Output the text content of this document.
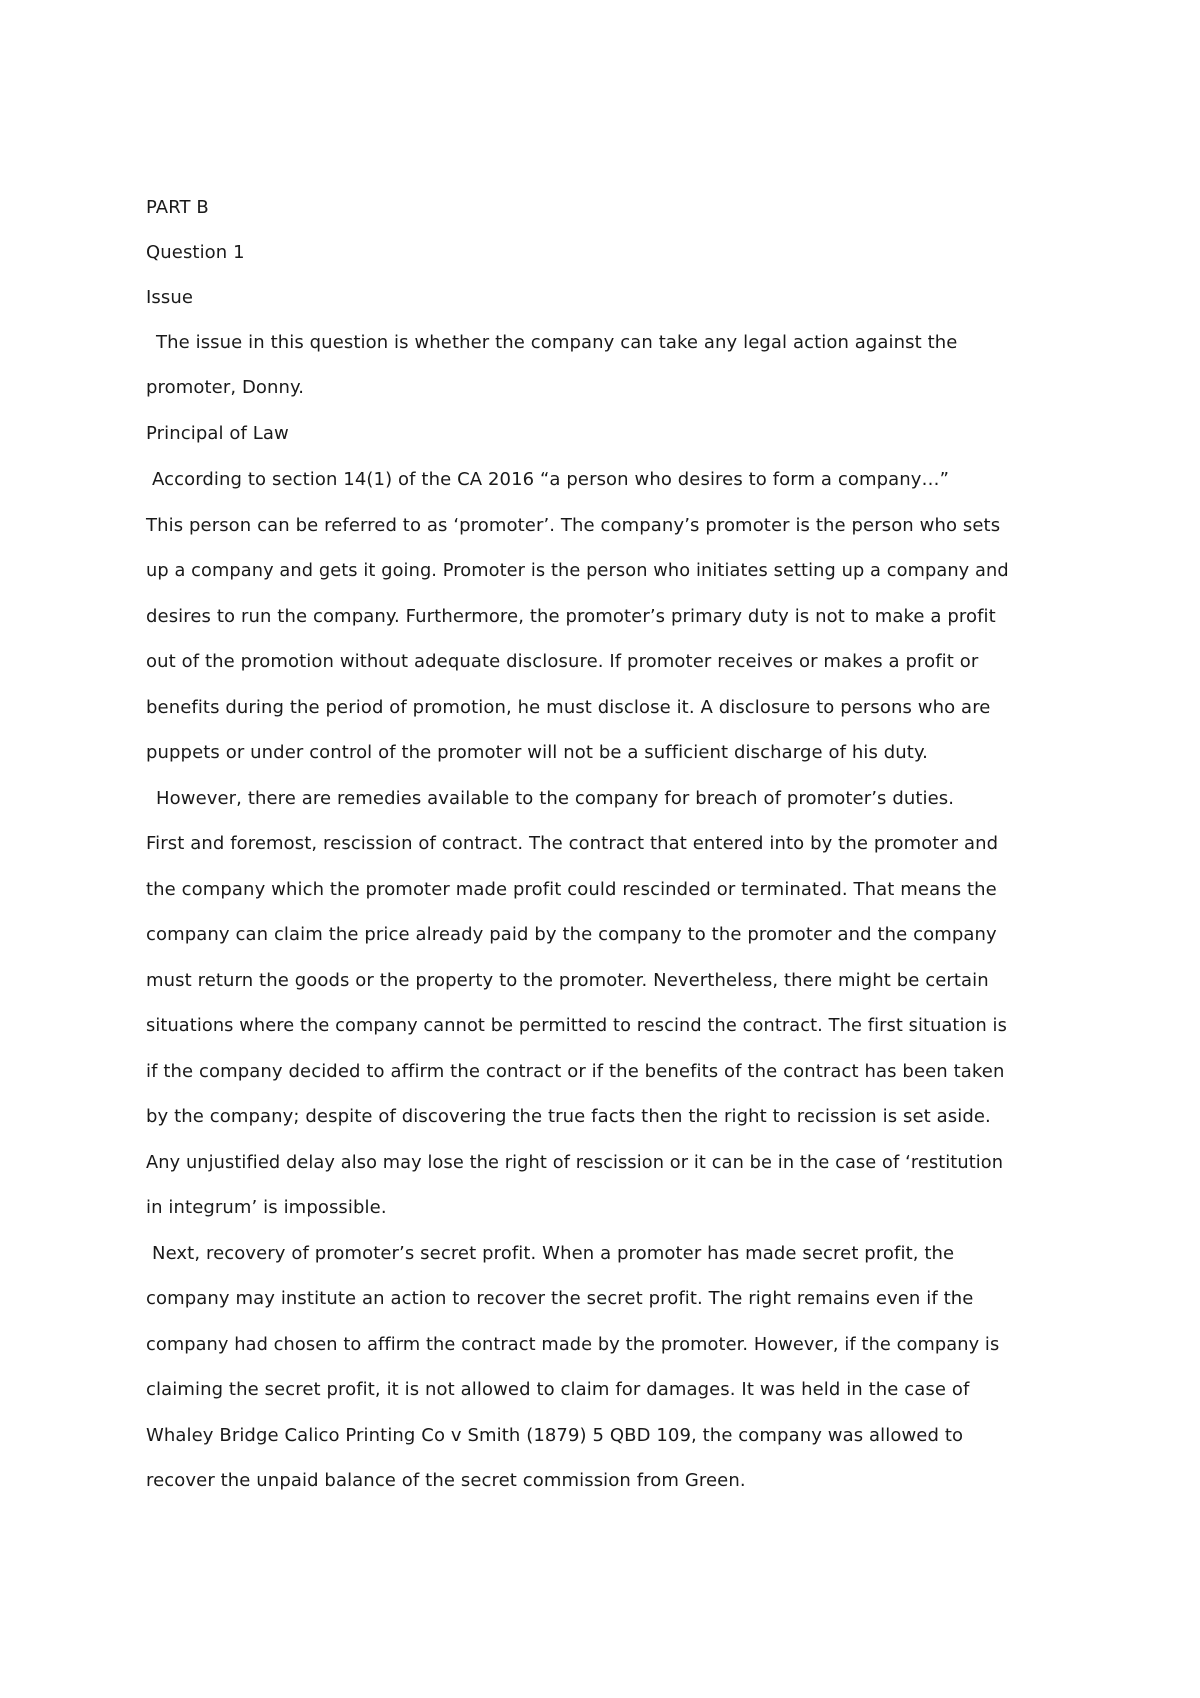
PART B
Question 1
Issue
The issue in this question is whether the company can take any legal action against the
promoter, Donny.
Principal of Law
According to section 14(1) of the CA 2016 “a person who desires to form a company…”
This person can be referred to as ‘promoter’. The company’s promoter is the person who sets
up a company and gets it going. Promoter is the person who initiates setting up a company and
desires to run the company. Furthermore, the promoter’s primary duty is not to make a profit
out of the promotion without adequate disclosure. If promoter receives or makes a profit or
benefits during the period of promotion, he must disclose it. A disclosure to persons who are
puppets or under control of the promoter will not be a sufficient discharge of his duty.
However, there are remedies available to the company for breach of promoter’s duties.
First and foremost, rescission of contract. The contract that entered into by the promoter and
the company which the promoter made profit could rescinded or terminated. That means the
company can claim the price already paid by the company to the promoter and the company
must return the goods or the property to the promoter. Nevertheless, there might be certain
situations where the company cannot be permitted to rescind the contract. The first situation is
if the company decided to affirm the contract or if the benefits of the contract has been taken
by the company; despite of discovering the true facts then the right to recission is set aside.
Any unjustified delay also may lose the right of rescission or it can be in the case of ‘restitution
in integrum’ is impossible.
Next, recovery of promoter’s secret profit. When a promoter has made secret profit, the
company may institute an action to recover the secret profit. The right remains even if the
company had chosen to affirm the contract made by the promoter. However, if the company is
claiming the secret profit, it is not allowed to claim for damages. It was held in the case of
Whaley Bridge Calico Printing Co v Smith (1879) 5 QBD 109, the company was allowed to
recover the unpaid balance of the secret commission from Green.
